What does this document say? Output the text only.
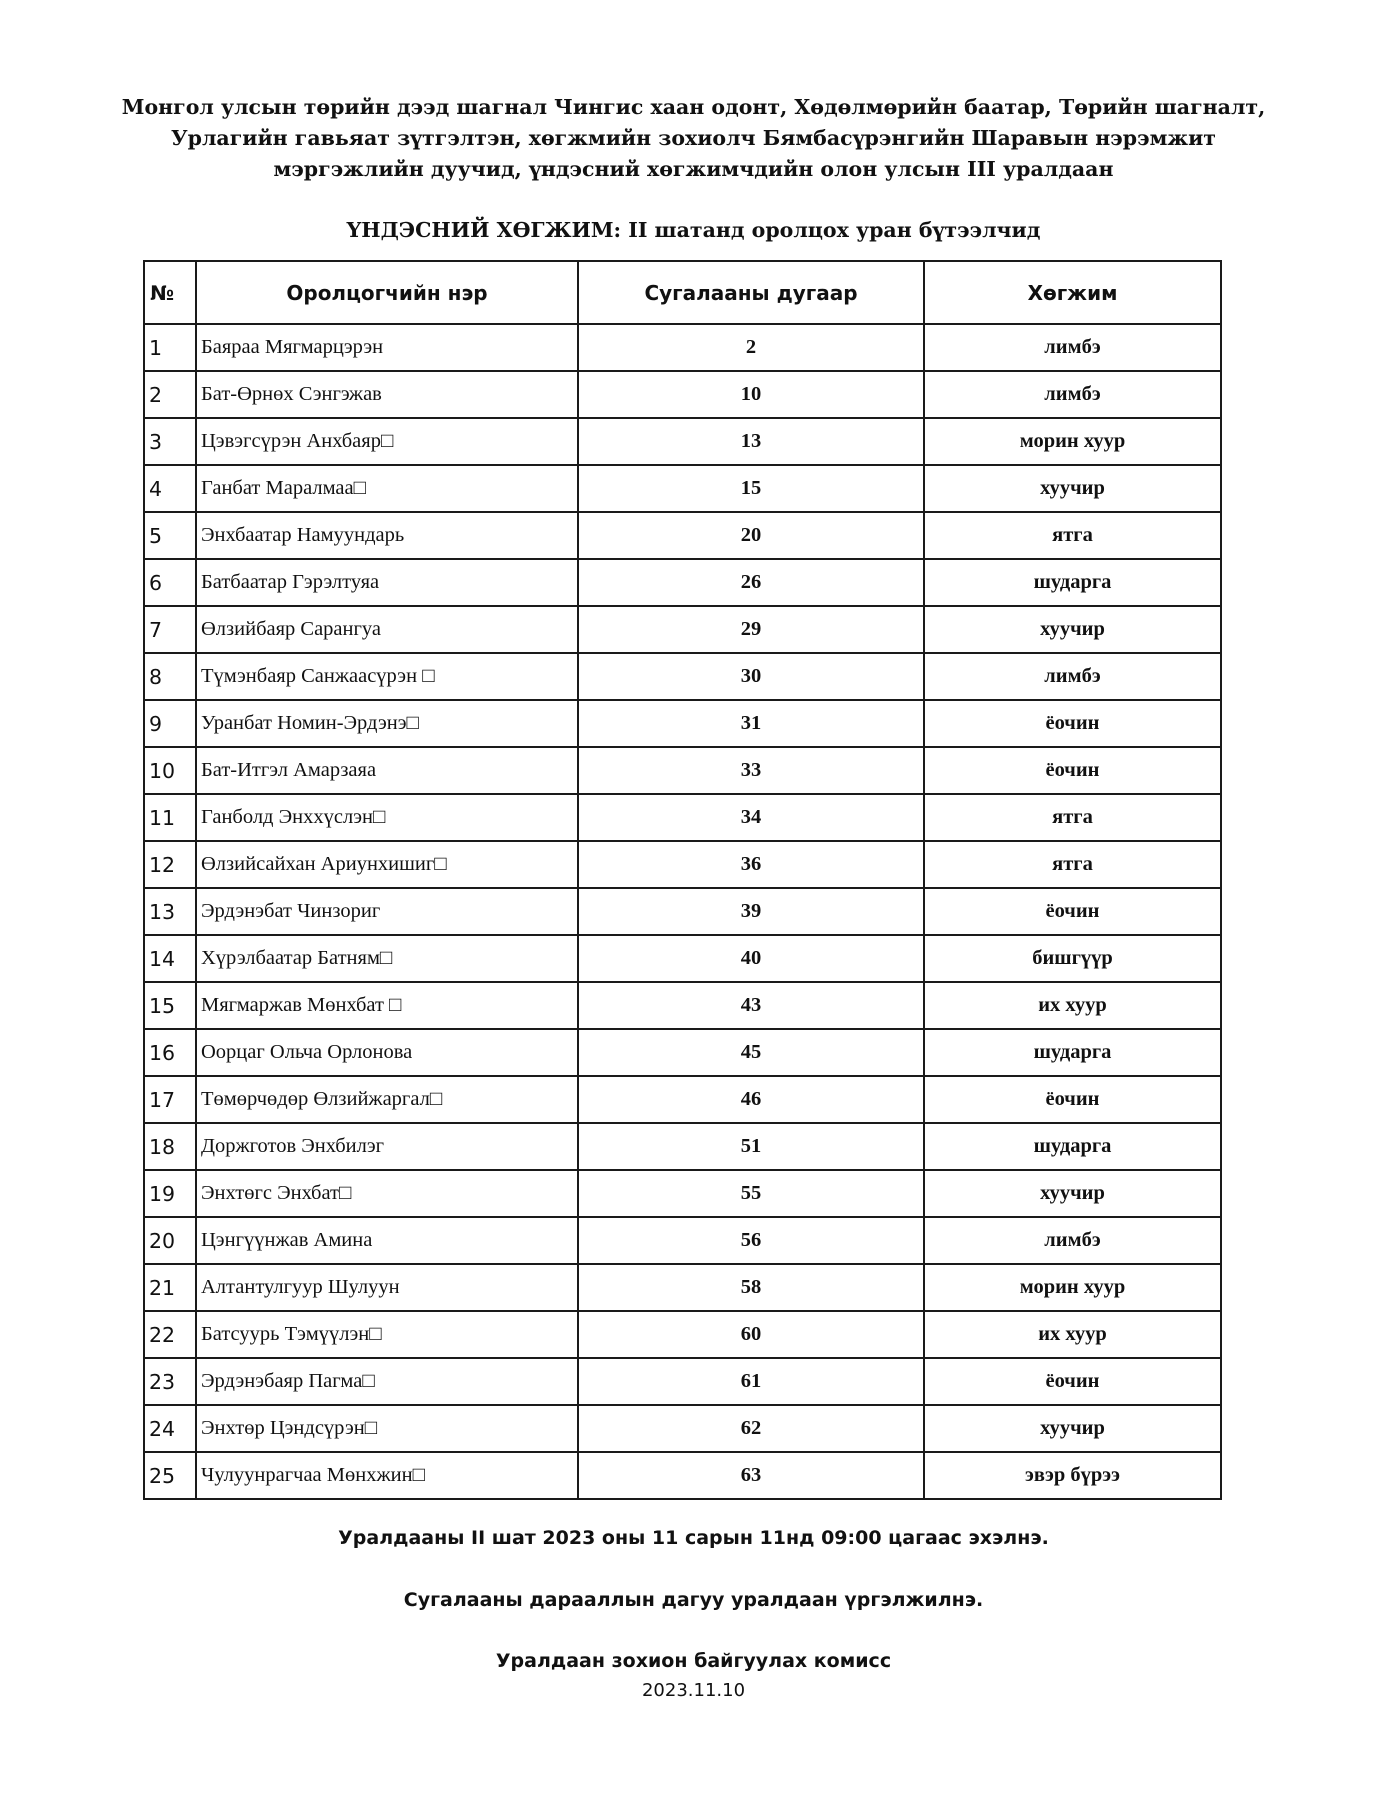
Монгол улсын төрийн дээд шагнал Чингис хаан одонт, Хөдөлмөрийн баатар, Төрийн шагналт,
Урлагийн гавьяат зүтгэлтэн, хөгжмийн зохиолч Бямбасүрэнгийн Шаравын нэрэмжит
мэргэжлийн дуучид, үндэсний хөгжимчдийн олон улсын III уралдаан
ҮНДЭСНИЙ ХӨГЖИМ: II шатанд оролцох уран бүтээлчид
№	Оролцогчийн нэр	Сугалааны дугаар	Хөгжим
1	Баяраа Мягмарцэрэн	2	лимбэ
2	Бат-Өрнөх Сэнгэжав	10	лимбэ
3	Цэвэгсүрэн Анхбаяр□	13	морин хуур
4	Ганбат Маралмаа□	15	хуучир
5	Энхбаатар Намуундарь	20	ятга
6	Батбаатар Гэрэлтуяа	26	шударга
7	Өлзийбаяр Сарангуа	29	хуучир
8	Түмэнбаяр Санжаасүрэн □	30	лимбэ
9	Уранбат Номин-Эрдэнэ□	31	ёочин
10	Бат-Итгэл Амарзаяа	33	ёочин
11	Ганболд Энххүслэн□	34	ятга
12	Өлзийсайхан Ариунхишиг□	36	ятга
13	Эрдэнэбат Чинзориг	39	ёочин
14	Хүрэлбаатар Батням□	40	бишгүүр
15	Мягмаржав Мөнхбат □	43	их хуур
16	Оорцаг Ольча Орлонова	45	шударга
17	Төмөрчөдөр Өлзийжаргал□	46	ёочин
18	Доржготов Энхбилэг	51	шударга
19	Энхтөгс Энхбат□	55	хуучир
20	Цэнгүүнжав Амина	56	лимбэ
21	Алтантулгуур Шулуун	58	морин хуур
22	Батсуурь Тэмүүлэн□	60	их хуур
23	Эрдэнэбаяр Пагма□	61	ёочин
24	Энхтөр Цэндсүрэн□	62	хуучир
25	Чулуунрагчаа Мөнхжин□	63	эвэр бүрээ
Уралдааны II шат 2023 оны 11 сарын 11нд 09:00 цагаас эхэлнэ.
Сугалааны дарааллын дагуу уралдаан үргэлжилнэ.
Уралдаан зохион байгуулах комисс
2023.11.10
